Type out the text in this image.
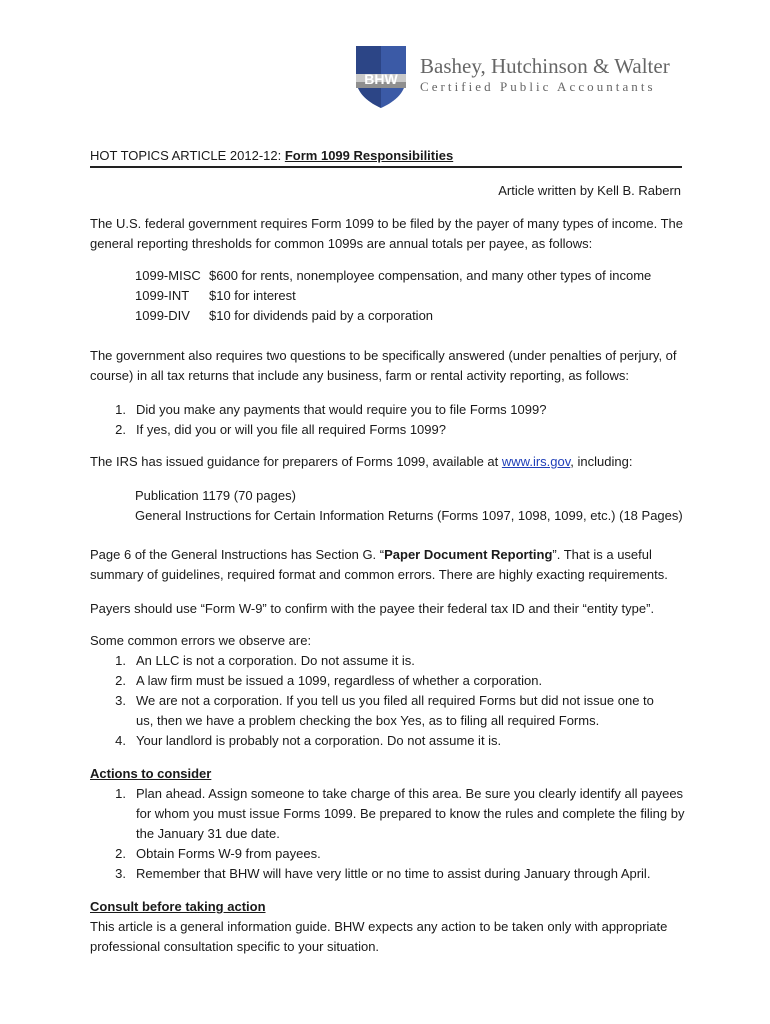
BHW
Bashey, Hutchinson & Walter
Certified Public Accountants
HOT TOPICS ARTICLE 2012-12: Form 1099 Responsibilities
Article written by Kell B. Rabern
The U.S. federal government requires Form 1099 to be filed by the payer of many types of income. The
general reporting thresholds for common 1099s are annual totals per payee, as follows:
1099-MISC $600 for rents, nonemployee compensation, and many other types of income
1099-INT $10 for interest
1099-DIV $10 for dividends paid by a corporation
The government also requires two questions to be specifically answered (under penalties of perjury, of
course) in all tax returns that include any business, farm or rental activity reporting, as follows:
1. Did you make any payments that would require you to file Forms 1099?
2. If yes, did you or will you file all required Forms 1099?
The IRS has issued guidance for preparers of Forms 1099, available at www.irs.gov, including:
Publication 1179 (70 pages)
General Instructions for Certain Information Returns (Forms 1097, 1098, 1099, etc.) (18 Pages)
Page 6 of the General Instructions has Section G. “Paper Document Reporting”. That is a useful
summary of guidelines, required format and common errors. There are highly exacting requirements.
Payers should use “Form W-9” to confirm with the payee their federal tax ID and their “entity type”.
Some common errors we observe are:
1. An LLC is not a corporation. Do not assume it is.
2. A law firm must be issued a 1099, regardless of whether a corporation.
3. We are not a corporation. If you tell us you filed all required Forms but did not issue one to
us, then we have a problem checking the box Yes, as to filing all required Forms.
4. Your landlord is probably not a corporation. Do not assume it is.
Actions to consider
1. Plan ahead. Assign someone to take charge of this area. Be sure you clearly identify all payees
for whom you must issue Forms 1099. Be prepared to know the rules and complete the filing by
the January 31 due date.
2. Obtain Forms W-9 from payees.
3. Remember that BHW will have very little or no time to assist during January through April.
Consult before taking action
This article is a general information guide. BHW expects any action to be taken only with appropriate
professional consultation specific to your situation.
